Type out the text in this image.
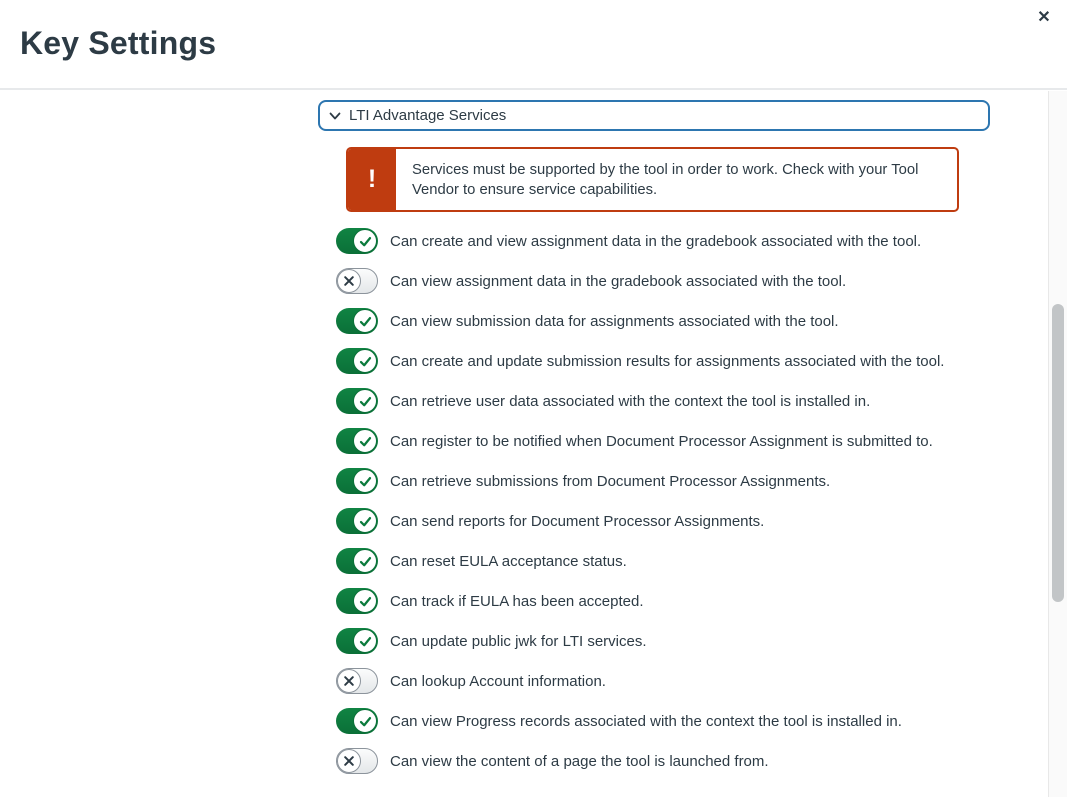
Key Settings
✕
LTI Advantage Services
! Services must be supported by the tool in order to work. Check with your Tool Vendor to ensure service capabilities.
Can create and view assignment data in the gradebook associated with the tool.
Can view assignment data in the gradebook associated with the tool.
Can view submission data for assignments associated with the tool.
Can create and update submission results for assignments associated with the tool.
Can retrieve user data associated with the context the tool is installed in.
Can register to be notified when Document Processor Assignment is submitted to.
Can retrieve submissions from Document Processor Assignments.
Can send reports for Document Processor Assignments.
Can reset EULA acceptance status.
Can track if EULA has been accepted.
Can update public jwk for LTI services.
Can lookup Account information.
Can view Progress records associated with the context the tool is installed in.
Can view the content of a page the tool is launched from.
